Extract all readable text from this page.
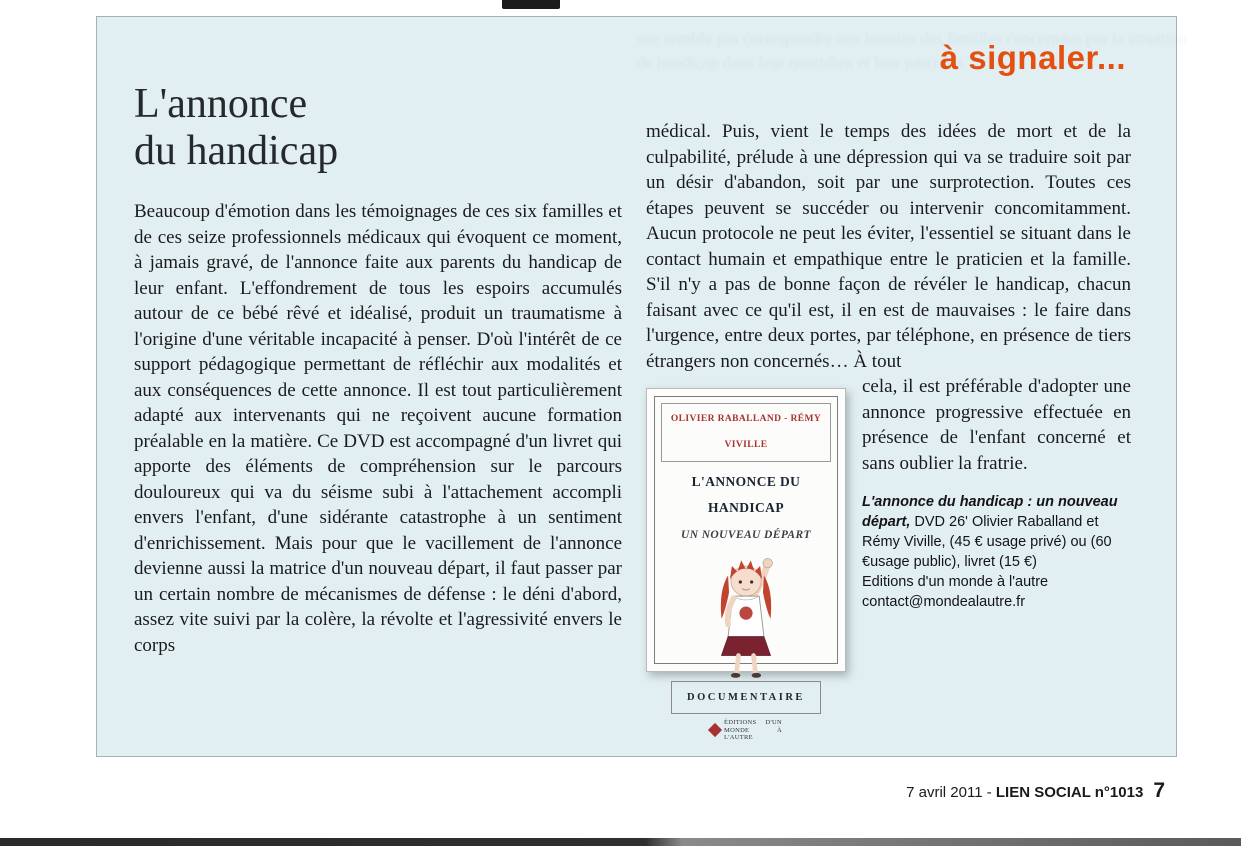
sne semble pas correspondre aux besoins des familles concernées par la situation de handicap dans leur quotidien et leur parcours
à signaler...
L'annonce
du handicap

Beaucoup d'émotion dans les témoignages de ces six familles et de ces seize professionnels médicaux qui évoquent ce moment, à jamais gravé, de l'annonce faite aux parents du handicap de leur enfant. L'effondrement de tous les espoirs accumulés autour de ce bébé rêvé et idéalisé, produit un traumatisme à l'origine d'une véritable incapacité à penser. D'où l'intérêt de ce support pédagogique permettant de réfléchir aux modalités et aux conséquences de cette annonce. Il est tout particulièrement adapté aux intervenants qui ne reçoivent aucune formation préalable en la matière. Ce DVD est accompagné d'un livret qui apporte des éléments de compréhension sur le parcours douloureux qui va du séisme subi à l'attachement accompli envers l'enfant, d'une sidérante catastrophe à un sentiment d'enrichissement. Mais pour que le vacillement de l'annonce devienne aussi la matrice d'un nouveau départ, il faut passer par un certain nombre de mécanismes de défense : le déni d'abord, assez vite suivi par la colère, la révolte et l'agressivité envers le corps

médical. Puis, vient le temps des idées de mort et de la culpabilité, prélude à une dépression qui va se traduire soit par un désir d'abandon, soit par une surprotection. Toutes ces étapes peuvent se succéder ou intervenir concomitamment. Aucun protocole ne peut les éviter, l'essentiel se situant dans le contact humain et empathique entre le praticien et la famille. S'il n'y a pas de bonne façon de révéler le handicap, chacun faisant avec ce qu'il est, il en est de mauvaises : le faire dans l'urgence, entre deux portes, par téléphone, en présence de tiers étrangers non concernés… À tout

OLIVIER RABALLAND - RÉMY VIVILLE
L'ANNONCE DU HANDICAP
UN NOUVEAU DÉPART
DOCUMENTAIRE
ÉDITIONS D'UN MONDE À L'AUTRE

cela, il est préférable d'adopter une annonce progressive effectuée en présence de l'enfant concerné et sans oublier la fratrie.

L'annonce du handicap : un nouveau départ, DVD 26' Olivier Raballand et Rémy Viville, (45 € usage privé) ou (60 €usage public), livret (15 €)
Editions d'un monde à l'autre
contact@mondealautre.fr
7 avril 2011 - LIEN SOCIAL n°1013 7
